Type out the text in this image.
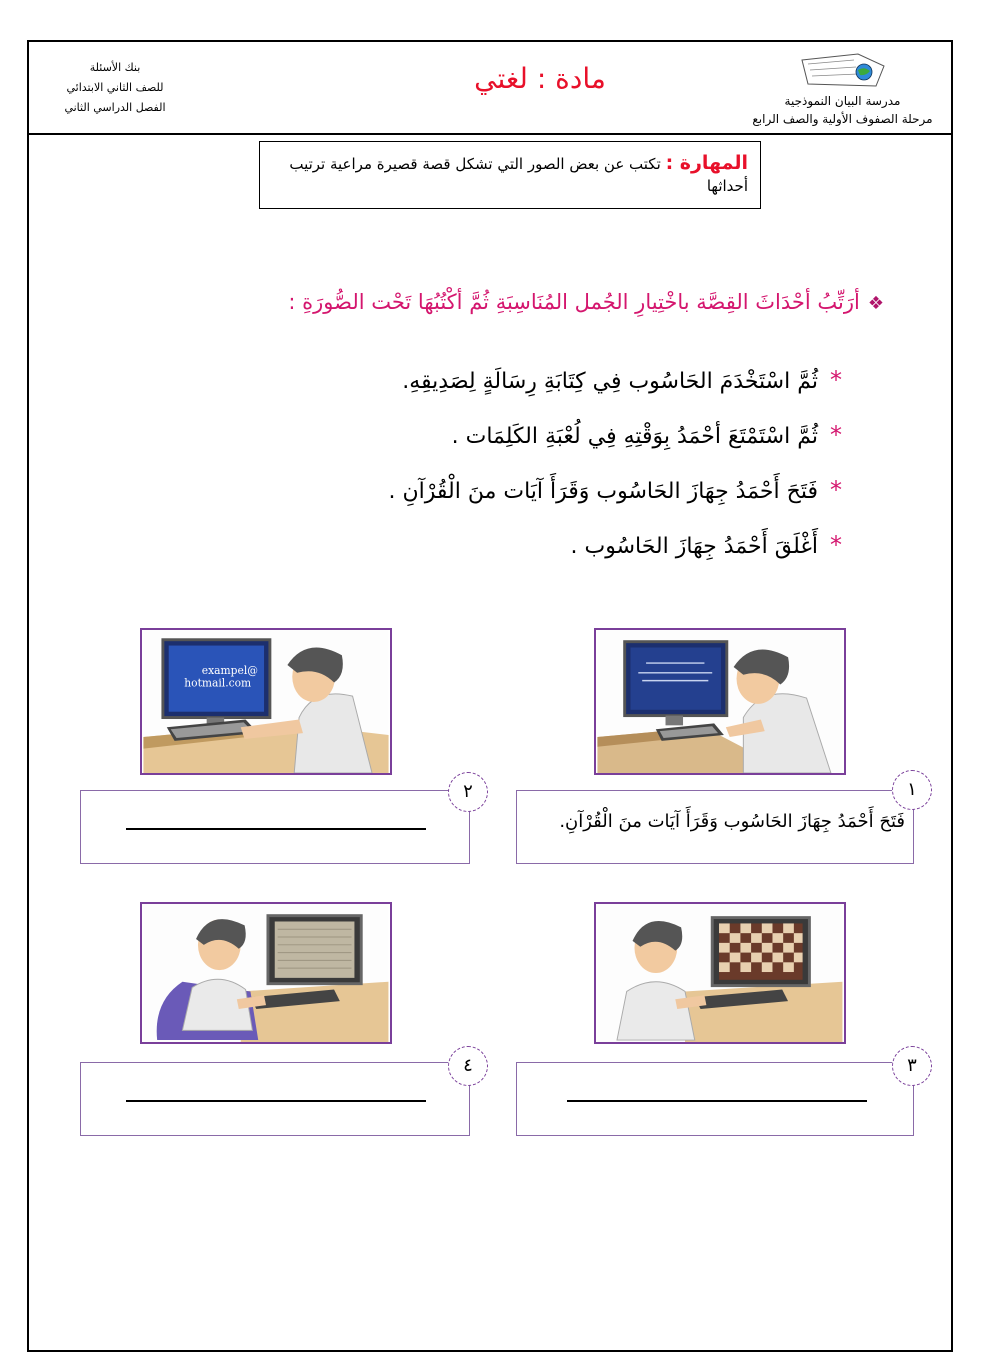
بنك الأسئلة
للصف الثاني الابتدائي
الفصل الدراسي الثاني
مادة : لغتي
مدرسة البيان النموذجية
مرحلة الصفوف الأولية والصف الرابع
المهارة : تكتب عن بعض الصور التي تشكل قصة قصيرة مراعية ترتيب أحداثها
❖أرَتِّبُ أحْدَاثَ القِصَّة باخْتِيارِ الجُمل المُنَاسِبَةِ ثُمَّ أكْتُبُهَا تَحْت الصُّورَةِ :
*ثُمَّ اسْتَخْدَمَ الحَاسُوب فِي كِتَابَةِ رِسَالَةٍ لِصَدِيقِهِ.
*ثُمَّ اسْتَمْتَعَ أحْمَدُ بِوَقْتِهِ فِي لُعْبَةِ الكَلِمَات .
*فَتَحَ أَحْمَدُ جِهَازَ الحَاسُوب وَقَرَأَ آيَات منَ الْقُرْآنِ .
*أَغْلَقَ أَحْمَدُ جِهَازَ الحَاسُوب .
exampel@
hotmail.com
فَتَحَ أَحْمَدُ جِهَازَ الحَاسُوب وَقَرَأَ آيَات منَ الْقُرْآنِ.
١
٢
٣
٤
